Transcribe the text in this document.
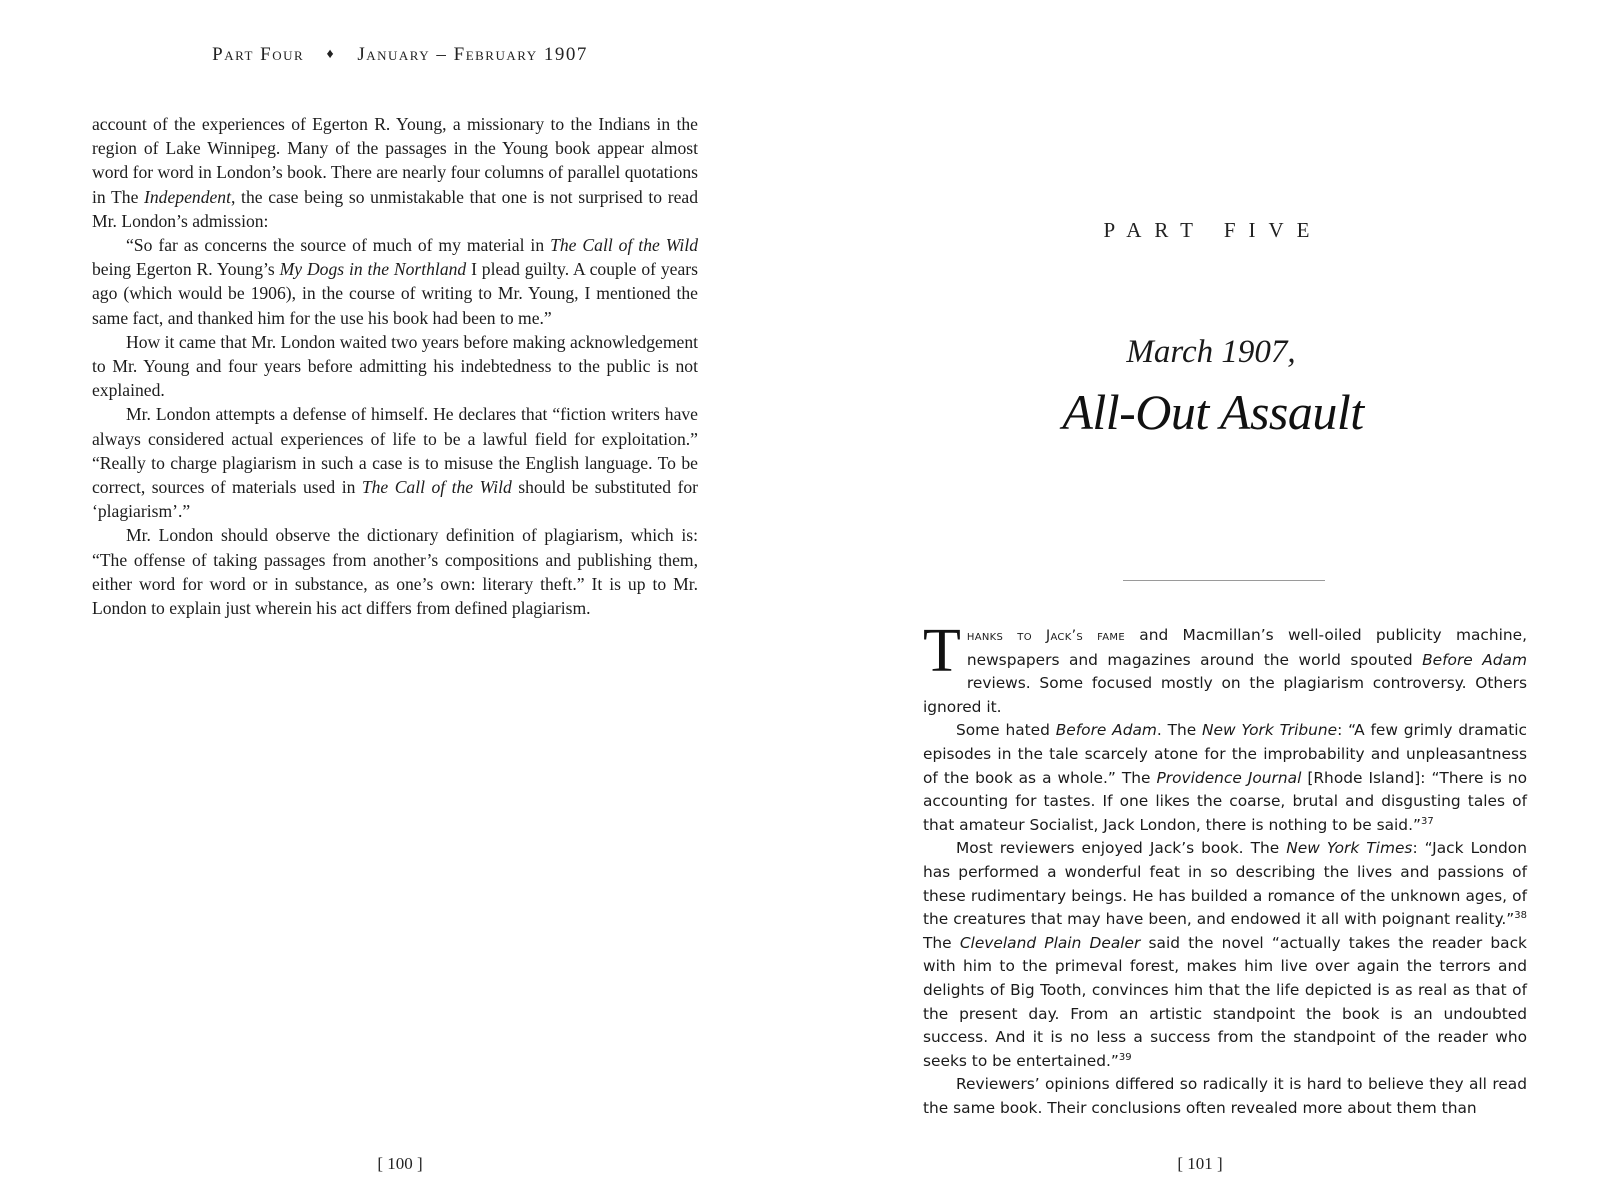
Part Four ♦ January – February 1907

account of the experiences of Egerton R. Young, a missionary to the Indians in the region of Lake Winnipeg. Many of the passages in the Young book appear almost word for word in London’s book. There are nearly four columns of parallel quotations in The Independent, the case being so unmistakable that one is not surprised to read Mr. London’s admission:

“So far as concerns the source of much of my material in The Call of the Wild being Egerton R. Young’s My Dogs in the Northland I plead guilty. A couple of years ago (which would be 1906), in the course of writing to Mr. Young, I mentioned the same fact, and thanked him for the use his book had been to me.”

How it came that Mr. London waited two years before making acknowledgement to Mr. Young and four years before admitting his indebtedness to the public is not explained.

Mr. London attempts a defense of himself. He declares that “fiction writers have always considered actual experiences of life to be a lawful field for exploitation.” “Really to charge plagiarism in such a case is to misuse the English language. To be correct, sources of materials used in The Call of the Wild should be substituted for ‘plagiarism’.”

Mr. London should observe the dictionary definition of plagiarism, which is: “The offense of taking passages from another’s compositions and publishing them, either word for word or in substance, as one’s own: literary theft.” It is up to Mr. London to explain just wherein his act differs from defined plagiarism.

[ 100 ]
PART FIVE
March 1907,
All-Out Assault

Thanks to Jack’s fame and Macmillan’s well-oiled publicity machine, newspapers and magazines around the world spouted Before Adam reviews. Some focused mostly on the plagiarism controversy. Others ignored it.

Some hated Before Adam. The New York Tribune: “A few grimly dramatic episodes in the tale scarcely atone for the improbability and unpleasantness of the book as a whole.” The Providence Journal [Rhode Island]: “There is no accounting for tastes. If one likes the coarse, brutal and disgusting tales of that amateur Socialist, Jack London, there is nothing to be said.”$^{37}$

Most reviewers enjoyed Jack’s book. The New York Times: “Jack London has performed a wonderful feat in so describing the lives and passions of these rudimentary beings. He has builded a romance of the unknown ages, of the creatures that may have been, and endowed it all with poignant reality.”$^{38}$ The Cleveland Plain Dealer said the novel “actually takes the reader back with him to the primeval forest, makes him live over again the terrors and delights of Big Tooth, convinces him that the life depicted is as real as that of the present day. From an artistic standpoint the book is an undoubted success. And it is no less a success from the standpoint of the reader who seeks to be entertained.”$^{39}$

Reviewers’ opinions differed so radically it is hard to believe they all read the same book. Their conclusions often revealed more about them than

[ 101 ]
